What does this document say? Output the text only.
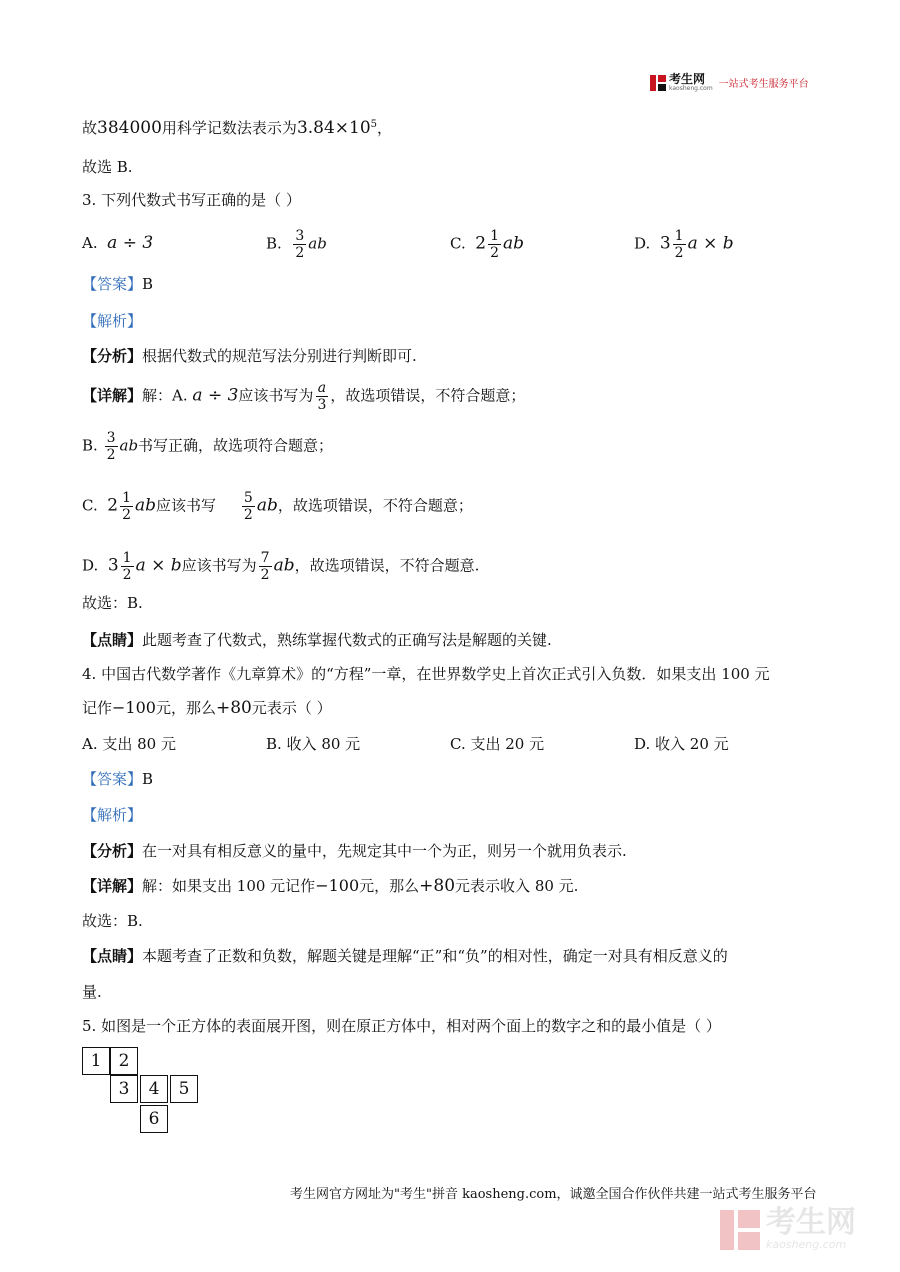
考生网
kaosheng.com 一站式考生服务平台
故384000用科学记数法表示为$3.84\times 10^5$，
故选 B.
3. 下列代数式书写正确的是（ ）
A. a ÷ 3	B. $\frac{3}{2}$ ab	C. $2 \frac{1}{2}$ ab	D. $3 \frac{1}{2}$ a × b
【答案】B
【解析】
【分析】根据代数式的规范写法分别进行判断即可.
【详解】解：A. a ÷ 3应该书写为 $\frac{a}{3}$ ，故选项错误，不符合题意；
B. $\frac{3}{2}$ ab书写正确，故选项符合题意；
C. $2 \frac{1}{2}$ ab应该书写 $\frac{5}{2}$ ab，故选项错误，不符合题意；
D. $3 \frac{1}{2}$ a × b应该书写为 $\frac{7}{2}$ ab，故选项错误，不符合题意.
故选：B.
【点睛】此题考查了代数式，熟练掌握代数式的正确写法是解题的关键.
4. 中国古代数学著作《九章算术》的“方程”一章，在世界数学史上首次正式引入负数．如果支出 100 元
记作−100元，那么+80元表示（ ）
A. 支出 80 元	B. 收入 80 元	C. 支出 20 元	D. 收入 20 元
【答案】B
【解析】
【分析】在一对具有相反意义的量中，先规定其中一个为正，则另一个就用负表示.
【详解】解：如果支出 100 元记作−100元，那么+80元表示收入 80 元.
故选：B.
【点睛】本题考查了正数和负数，解题关键是理解“正”和“负”的相对性，确定一对具有相反意义的
量.
5. 如图是一个正方体的表面展开图，则在原正方体中，相对两个面上的数字之和的最小值是（ ）
1	2
3	4	5
6
考生网官方网址为"考生"拼音 kaosheng.com，诚邀全国合作伙伴共建一站式考生服务平台
考生网
kaosheng.com
